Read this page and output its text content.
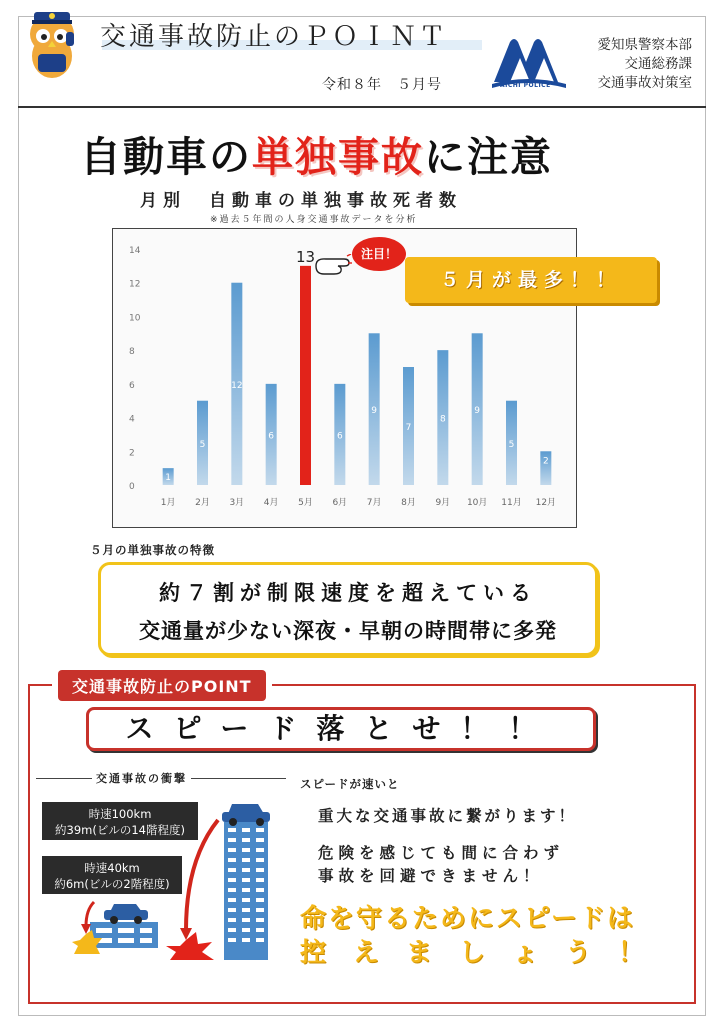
交通事故防止のＰＯＩＮＴ
令和８年　５月号	AICHI POLICE
愛知県警察本部
交通総務課
交通事故対策室
自動車の単独事故に注意
月別　自動車の単独事故死者数
※過去５年間の人身交通事故データを分析
0
2
4
6
8
10
12
14
1
1月
5
2月
12
3月
6
4月
13
5月
6
6月
9
7月
7
8月
8
9月
9
10月
5
11月
2
12月
注目！
５月が最多！！
５月の単独事故の特徴
約７割が制限速度を超えている
交通量が少ない深夜・早朝の時間帯に多発
交通事故防止のPOINT
スピード落とせ！！
交通事故の衝撃
時速100km
約39m(ビルの14階程度)
時速40km
約6m(ビルの2階程度)
スピードが速いと
重大な交通事故に繋がります！
危険を感じても間に合わず
事故を回避できません！
命を守るためにスピードは
控えましょう！
